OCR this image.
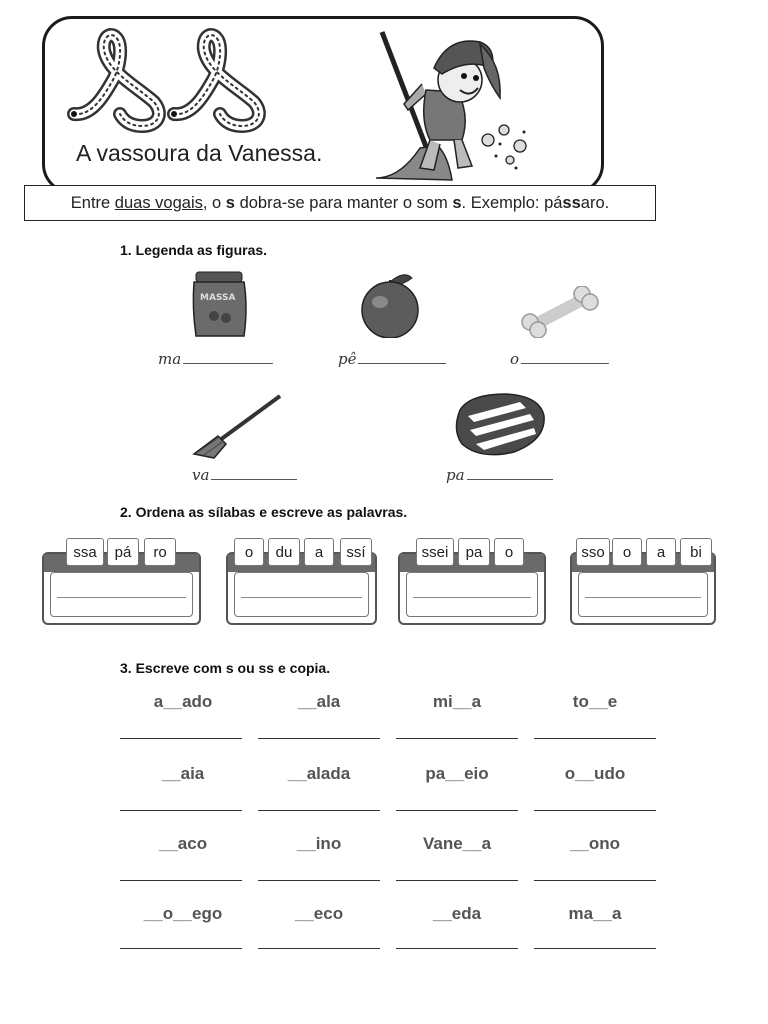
A vassoura da Vanessa.
Entre duas vogais, o s dobra-se para manter o som s. Exemplo: pássaro.
1. Legenda as figuras.
MASSA
ma	pê	o
va	pa
2. Ordena as sílabas e escreve as palavras.
ssa	pá	ro	o	du	a	ssí	ssei	pa	o	sso	o	a	bi
3. Escreve com s ou ss e copia.
a__ado	__ala	mi__a	to__e
__aia	__alada	pa__eio	o__udo
__aco	__ino	Vane__a	__ono
__o__ego	__eco	__eda	ma__a
